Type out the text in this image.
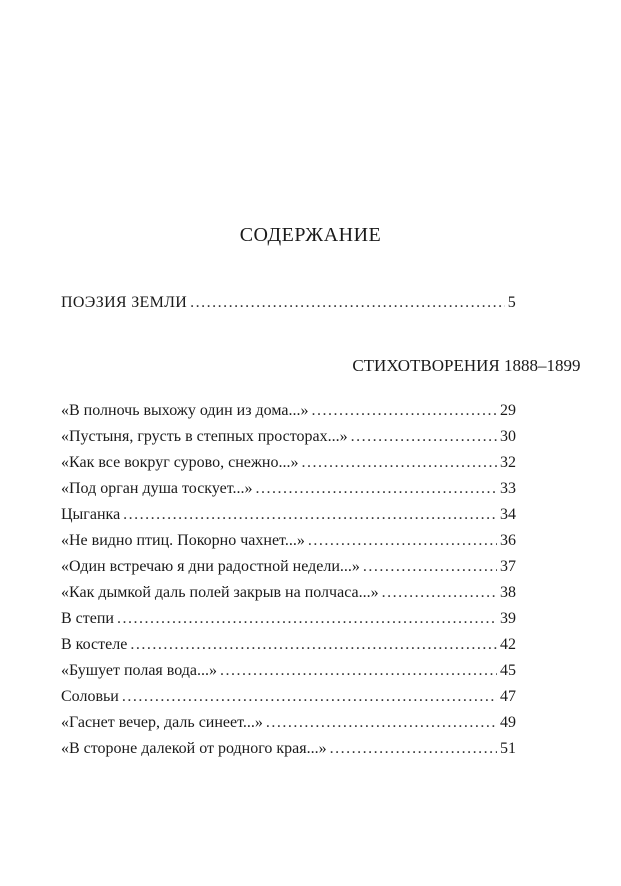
СОДЕРЖАНИЕ
ПОЭЗИЯ ЗЕМЛИ .....	5
СТИХОТВОРЕНИЯ 1888–1899
«В полночь выхожу один из дома...» .....	29
«Пустыня, грусть в степных просторах...» .....	30
«Как все вокруг сурово, снежно...» .....	32
«Под орган душа тоскует...» .....	33
Цыганка .....	34
«Не видно птиц. Покорно чахнет...» .....	36
«Один встречаю я дни радостной недели...» .....	37
«Как дымкой даль полей закрыв на полчаса...» .....	38
В степи .....	39
В костеле .....	42
«Бушует полая вода...» .....	45
Соловьи .....	47
«Гаснет вечер, даль синеет...» .....	49
«В стороне далекой от родного края...» .....	51
